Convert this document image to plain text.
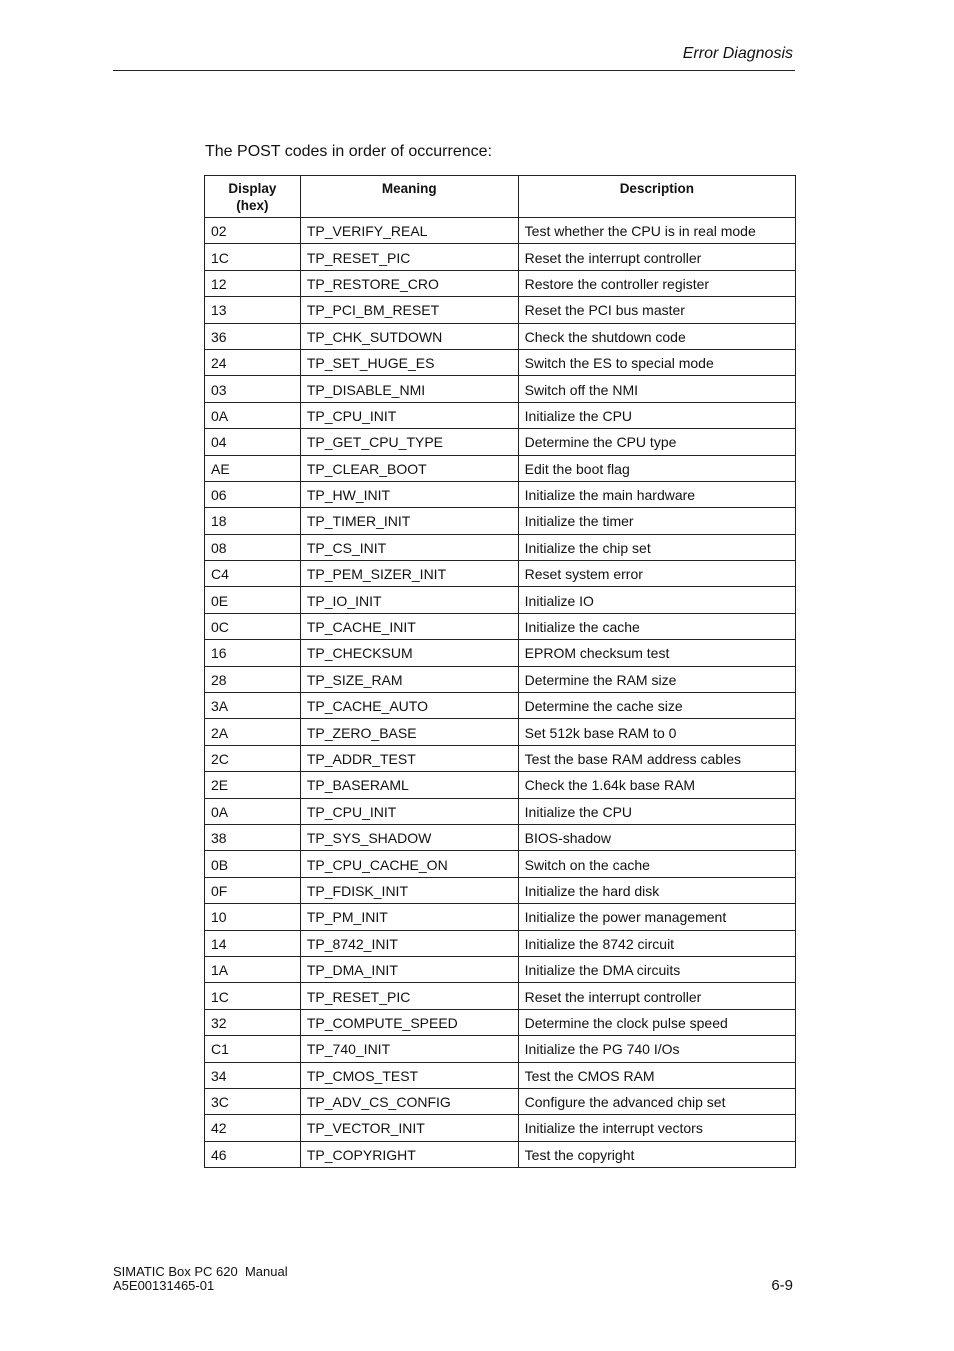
Error Diagnosis
The POST codes in order of occurrence:
Display
(hex)	Meaning	Description
02	TP_VERIFY_REAL	Test whether the CPU is in real mode
1C	TP_RESET_PIC	Reset the interrupt controller
12	TP_RESTORE_CRO	Restore the controller register
13	TP_PCI_BM_RESET	Reset the PCI bus master
36	TP_CHK_SUTDOWN	Check the shutdown code
24	TP_SET_HUGE_ES	Switch the ES to special mode
03	TP_DISABLE_NMI	Switch off the NMI
0A	TP_CPU_INIT	Initialize the CPU
04	TP_GET_CPU_TYPE	Determine the CPU type
AE	TP_CLEAR_BOOT	Edit the boot flag
06	TP_HW_INIT	Initialize the main hardware
18	TP_TIMER_INIT	Initialize the timer
08	TP_CS_INIT	Initialize the chip set
C4	TP_PEM_SIZER_INIT	Reset system error
0E	TP_IO_INIT	Initialize IO
0C	TP_CACHE_INIT	Initialize the cache
16	TP_CHECKSUM	EPROM checksum test
28	TP_SIZE_RAM	Determine the RAM size
3A	TP_CACHE_AUTO	Determine the cache size
2A	TP_ZERO_BASE	Set 512k base RAM to 0
2C	TP_ADDR_TEST	Test the base RAM address cables
2E	TP_BASERAML	Check the 1.64k base RAM
0A	TP_CPU_INIT	Initialize the CPU
38	TP_SYS_SHADOW	BIOS-shadow
0B	TP_CPU_CACHE_ON	Switch on the cache
0F	TP_FDISK_INIT	Initialize the hard disk
10	TP_PM_INIT	Initialize the power management
14	TP_8742_INIT	Initialize the 8742 circuit
1A	TP_DMA_INIT	Initialize the DMA circuits
1C	TP_RESET_PIC	Reset the interrupt controller
32	TP_COMPUTE_SPEED	Determine the clock pulse speed
C1	TP_740_INIT	Initialize the PG 740 I/Os
34	TP_CMOS_TEST	Test the CMOS RAM
3C	TP_ADV_CS_CONFIG	Configure the advanced chip set
42	TP_VECTOR_INIT	Initialize the interrupt vectors
46	TP_COPYRIGHT	Test the copyright
SIMATIC Box PC 620  Manual
A5E00131465-01	6-9
